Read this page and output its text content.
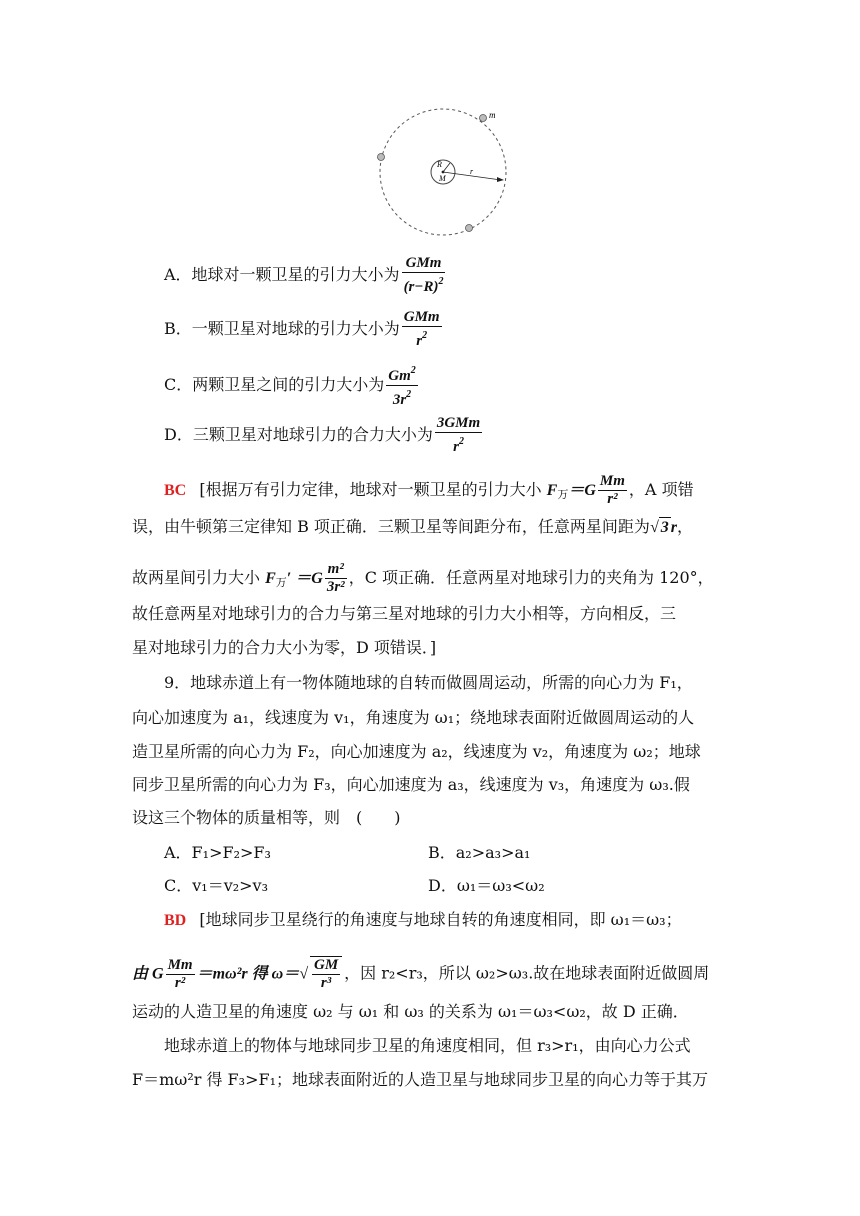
m
R
M
r
A．地球对一颗卫星的引力大小为 $\frac{\text{GMm}}{(r-R)^2}$
B．一颗卫星对地球的引力大小为 $\frac{\text{GMm}}{r^2}$
C．两颗卫星之间的引力大小为 $\frac{Gm^2}{3r^2}$
D．三颗卫星对地球引力的合力大小为 $\frac{\text{3GMm}}{r^2}$
BC [根据万有引力定律，地球对一颗卫星的引力大小 $F_万=G \frac{Mm}{\text{r²}}$ ，A 项错
误，由牛顿第三定律知 B 项正确．三颗卫星等间距分布，任意两星间距为√ 3 r，
故两星间引力大小 $F_万' =G \frac{\text{m²}}{\text{3r²}}$ ，C 项正确．任意两星对地球引力的夹角为 120°，
故任意两星对地球引力的合力与第三星对地球的引力大小相等，方向相反，三
星对地球引力的合力大小为零，D 项错误．]
9．地球赤道上有一物体随地球的自转而做圆周运动，所需的向心力为 F₁，
向心加速度为 a₁，线速度为 v₁，角速度为 ω₁；绕地球表面附近做圆周运动的人
造卫星所需的向心力为 F₂，向心加速度为 a₂，线速度为 v₂，角速度为 ω₂；地球
同步卫星所需的向心力为 F₃，向心加速度为 a₃，线速度为 v₃，角速度为 ω₃.假
设这三个物体的质量相等，则　(　　)
A．F₁>F₂>F₃	B．a₂>a₃>a₁
C．v₁＝v₂>v₃	D．ω₁＝ω₃<ω₂
BD [地球同步卫星绕行的角速度与地球自转的角速度相同，即 ω₁＝ω₃；
由 G $\frac{Mm}{\text{r²}} =m\omega^2r$ 得 $\omega=√ \frac{GM}{\text{r³}}$ ，因 r₂<r₃，所以 ω₂>ω₃.故在地球表面附近做圆周
运动的人造卫星的角速度 ω₂ 与 ω₁ 和 ω₃ 的关系为 ω₁＝ω₃<ω₂，故 D 正确．
地球赤道上的物体与地球同步卫星的角速度相同，但 r₃>r₁，由向心力公式
F＝mω²r 得 F₃>F₁；地球表面附近的人造卫星与地球同步卫星的向心力等于其万
